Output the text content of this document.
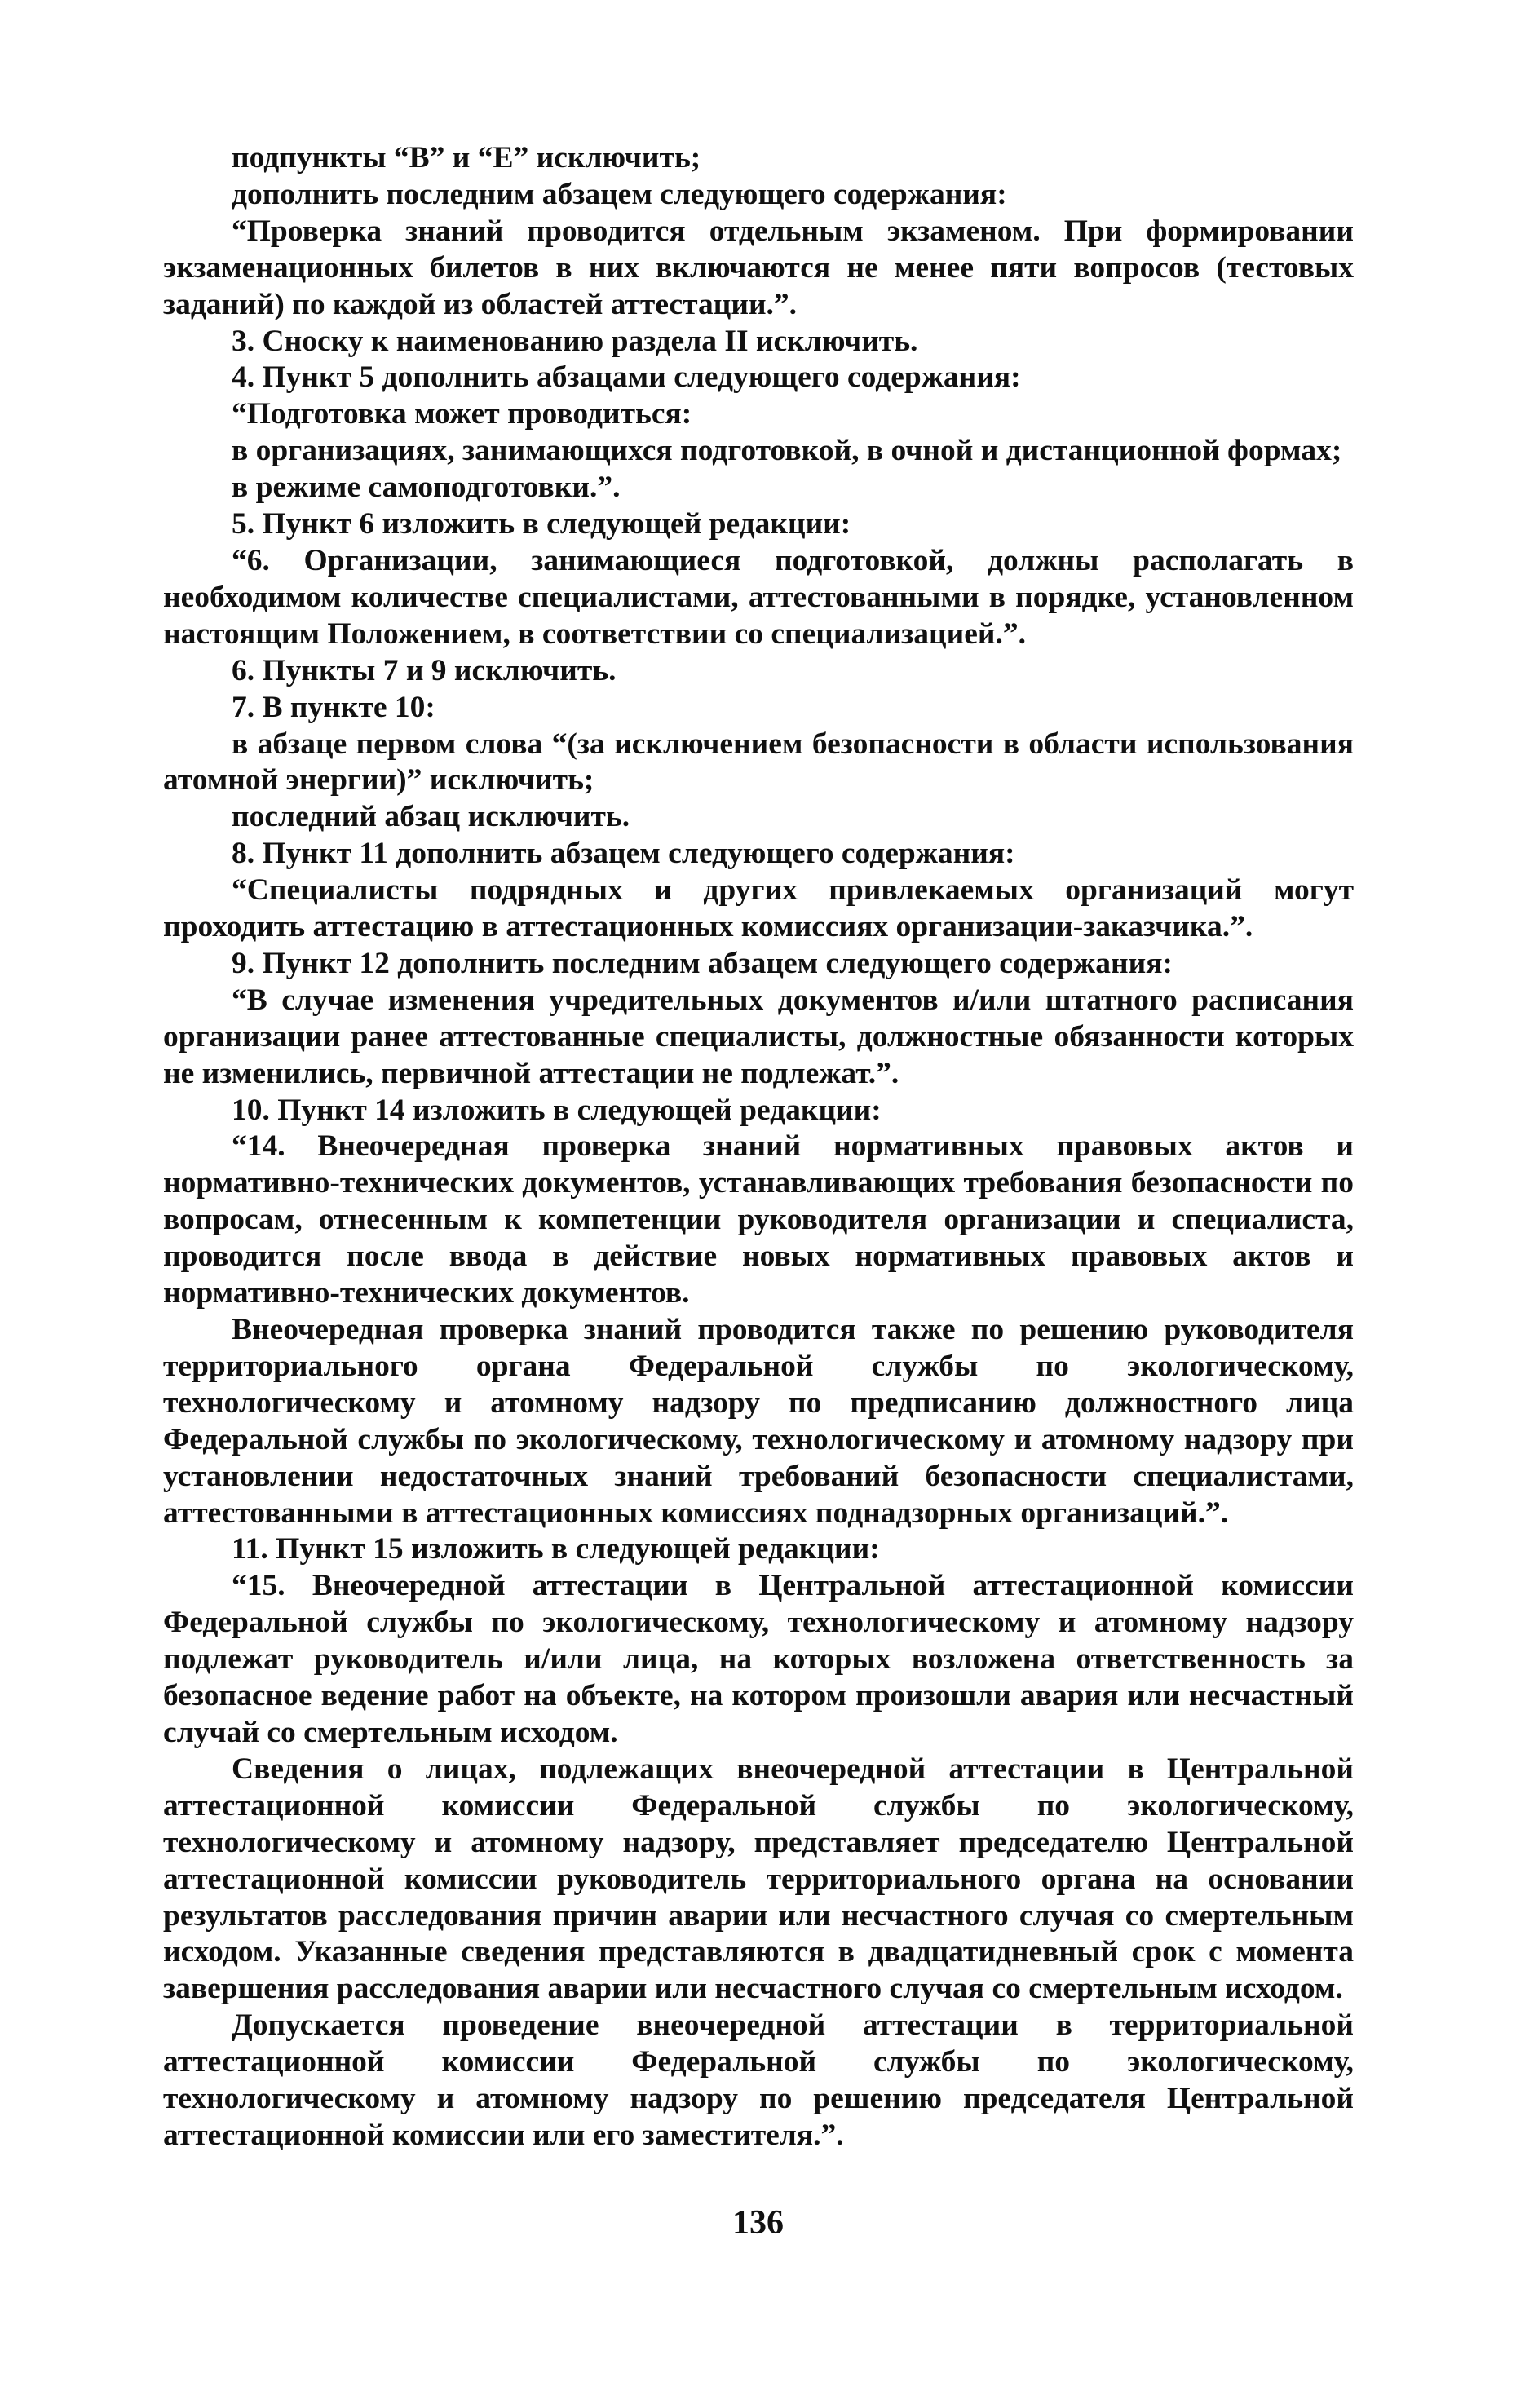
подпункты “В” и “Е” исключить;

дополнить последним абзацем следующего содержания:

“Проверка знаний проводится отдельным экзаменом. При формировании экзаменационных билетов в них включаются не менее пяти вопросов (тестовых заданий) по каждой из областей аттестации.”.

3. Сноску к наименованию раздела II исключить.

4. Пункт 5 дополнить абзацами следующего содержания:

“Подготовка может проводиться:

в организациях, занимающихся подготовкой, в очной и дистанционной формах;

в режиме самоподготовки.”.

5. Пункт 6 изложить в следующей редакции:

“6. Организации, занимающиеся подготовкой, должны располагать в необходимом количестве специалистами, аттестованными в порядке, установленном настоящим Положением, в соответствии со специализацией.”.

6. Пункты 7 и 9 исключить.

7. В пункте 10:

в абзаце первом слова “(за исключением безопасности в области использования атомной энергии)” исключить;

последний абзац исключить.

8. Пункт 11 дополнить абзацем следующего содержания:

“Специалисты подрядных и других привлекаемых организаций могут проходить аттестацию в аттестационных комиссиях организации-заказчика.”.

9. Пункт 12 дополнить последним абзацем следующего содержания:

“В случае изменения учредительных документов и/или штатного расписания организации ранее аттестованные специалисты, должностные обязанности которых не изменились, первичной аттестации не подлежат.”.

10. Пункт 14 изложить в следующей редакции:

“14. Внеочередная проверка знаний нормативных правовых актов и нормативно-технических документов, устанавливающих требования безопасности по вопросам, отнесенным к компетенции руководителя организации и специалиста, проводится после ввода в действие новых нормативных правовых актов и нормативно-технических документов.

Внеочередная проверка знаний проводится также по решению руководителя территориального органа Федеральной службы по экологическому, технологическому и атомному надзору по предписанию должностного лица Федеральной службы по экологическому, технологическому и атомному надзору при установлении недостаточных знаний требований безопасности специалистами, аттестованными в аттестационных комиссиях поднадзорных организаций.”.

11. Пункт 15 изложить в следующей редакции:

“15. Внеочередной аттестации в Центральной аттестационной комиссии Федеральной службы по экологическому, технологическому и атомному надзору подлежат руководитель и/или лица, на которых возложена ответственность за безопасное ведение работ на объекте, на котором произошли авария или несчастный случай со смертельным исходом.

Сведения о лицах, подлежащих внеочередной аттестации в Центральной аттестационной комиссии Федеральной службы по экологическому, технологическому и атомному надзору, представляет председателю Центральной аттестационной комиссии руководитель территориального органа на основании результатов расследования причин аварии или несчастного случая со смертельным исходом. Указанные сведения представляются в двадцатидневный срок с момента завершения расследования аварии или несчастного случая со смертельным исходом.

Допускается проведение внеочередной аттестации в территориальной аттестационной комиссии Федеральной службы по экологическому, технологическому и атомному надзору по решению председателя Центральной аттестационной комиссии или его заместителя.”.

136
